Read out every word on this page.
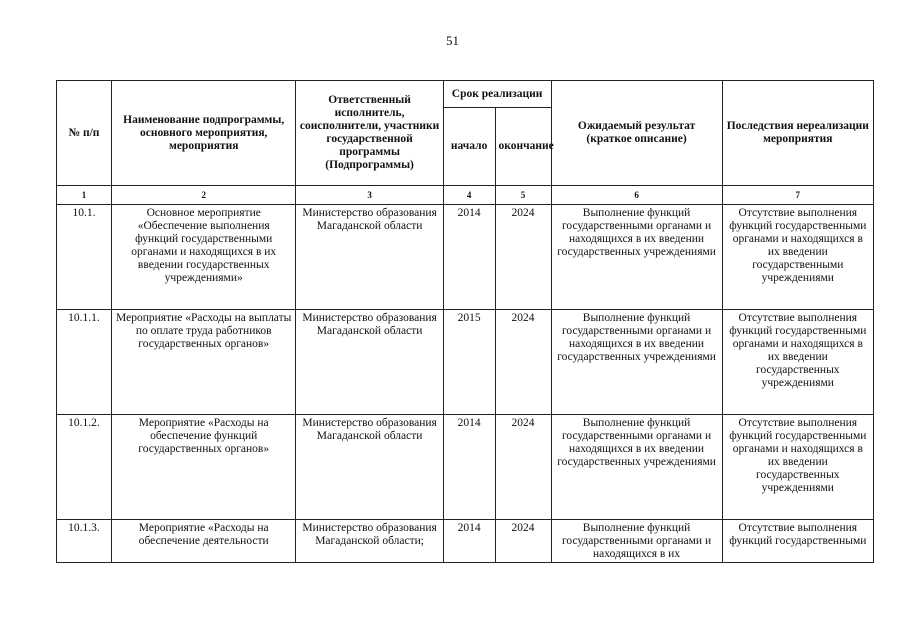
51
№ п/п	Наименование подпрограммы, основного мероприятия, мероприятия	Ответственный исполнитель, соисполнители, участники государственной программы (Подпрограммы)	Срок реализации		Ожидаемый результат (краткое описание)	Последствия нереализации мероприятия
			начало	окончание		
1	2	3	4	5	6	7
10.1.	Основное мероприятие «Обеспечение выполнения функций государственными органами и находящихся в их введении государственных учреждениями»	Министерство образования Магаданской области	2014	2024	Выполнение функций государственными органами и находящихся в их введении государственных учреждениями	Отсутствие выполнения функций государственными органами и находящихся в их введении государственными учреждениями
10.1.1.	Мероприятие «Расходы на выплаты по оплате труда работников государственных органов»	Министерство образования Магаданской области	2015	2024	Выполнение функций государственными органами и находящихся в их введении государственных учреждениями	Отсутствие выполнения функций государственными органами и находящихся в их введении государственных учреждениями
10.1.2.	Мероприятие «Расходы на обеспечение функций государственных органов»	Министерство образования Магаданской области	2014	2024	Выполнение функций государственными органами и находящихся в их введении государственных учреждениями	Отсутствие выполнения функций государственными органами и находящихся в их введении государственных учреждениями

10.1.3.	Мероприятие «Расходы на обеспечение деятельности	Министерство образования Магаданской области;	2014	2024	Выполнение функций государственными органами и находящихся в их	Отсутствие выполнения функций государственными
